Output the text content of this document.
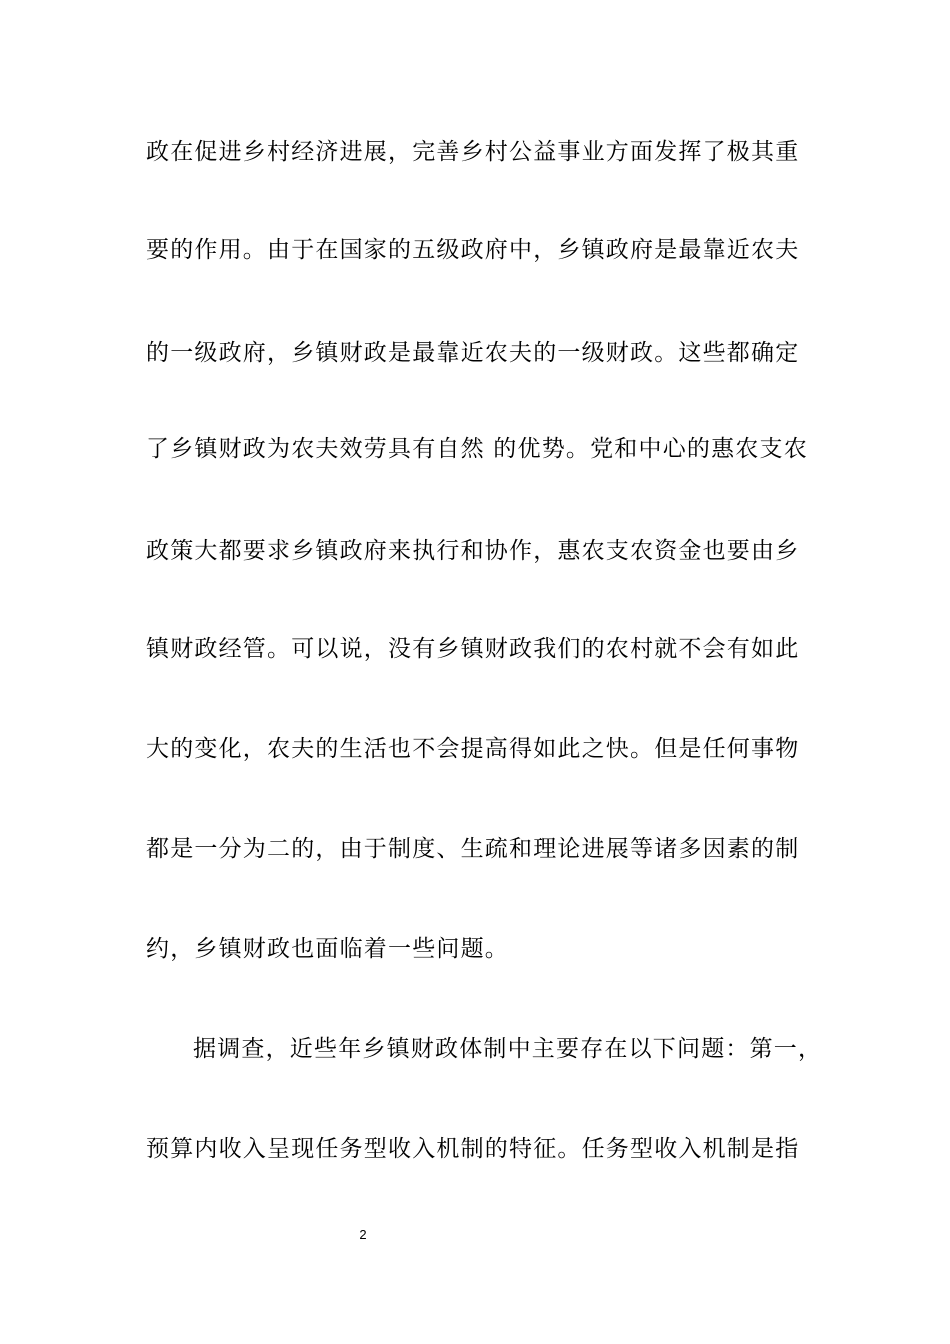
政在促进乡村经济进展，完善乡村公益事业方面发挥了极其重
要的作用。由于在国家的五级政府中，乡镇政府是最靠近农夫
的一级政府，乡镇财政是最靠近农夫的一级财政。这些都确定
了乡镇财政为农夫效劳具有自然 的优势。党和中心的惠农支农
政策大都要求乡镇政府来执行和协作，惠农支农资金也要由乡
镇财政经管。可以说，没有乡镇财政我们的农村就不会有如此
大的变化，农夫的生活也不会提高得如此之快。但是任何事物
都是一分为二的，由于制度、生疏和理论进展等诸多因素的制
约，乡镇财政也面临着一些问题。
据调查，近些年乡镇财政体制中主要存在以下问题：第一，
预算内收入呈现任务型收入机制的特征。任务型收入机制是指
2
